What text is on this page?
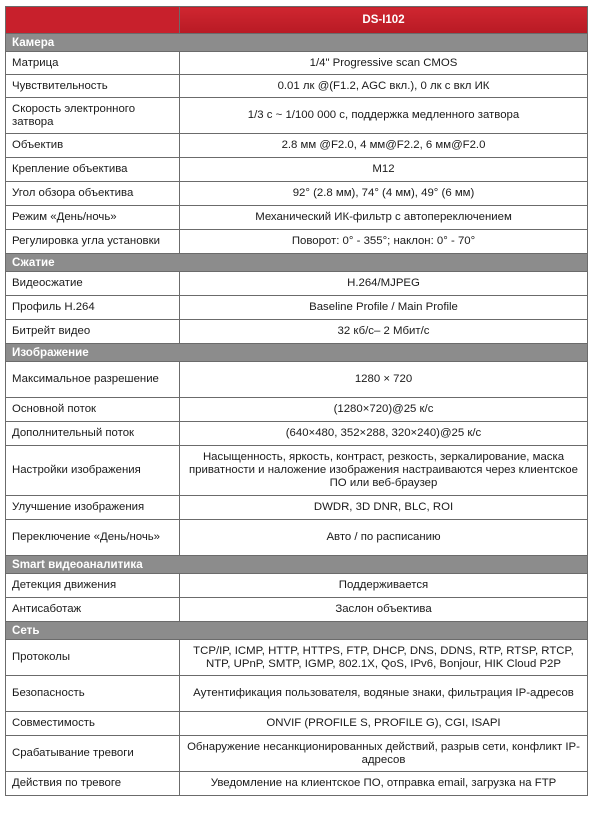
	DS-I102
Камера	
Матрица	1/4" Progressive scan CMOS
Чувствительность	0.01 лк @(F1.2, AGC вкл.), 0 лк с вкл ИК
Скорость электронного затвора	1/3 с ~ 1/100 000 с, поддержка медленного затвора
Объектив	2.8 мм @F2.0, 4 мм@F2.2, 6 мм@F2.0
Крепление объектива	M12
Угол обзора объектива	92° (2.8 мм), 74° (4 мм), 49° (6 мм)
Режим «День/ночь»	Механический ИК-фильтр с автопереключением
Регулировка угла установки	Поворот: 0° - 355°; наклон: 0° - 70°
Сжатие	
Видеосжатие	H.264/MJPEG
Профиль H.264	Baseline Profile / Main Profile
Битрейт видео	32 кб/с– 2 Мбит/с
Изображение	
Максимальное разрешение	1280 × 720
Основной поток	(1280×720)@25 к/с
Дополнительный поток	(640×480, 352×288, 320×240)@25 к/с
Настройки изображения	Насыщенность, яркость, контраст, резкость, зеркалирование, маска приватности и наложение изображения настраиваются через клиентское ПО или веб-браузер
Улучшение изображения	DWDR, 3D DNR, BLC, ROI
Переключение «День/ночь»	Авто / по расписанию
Smart видеоаналитика	
Детекция движения	Поддерживается
Антисаботаж	Заслон объектива
Сеть	
Протоколы	TCP/IP, ICMP, HTTP, HTTPS, FTP, DHCP, DNS, DDNS, RTP, RTSP, RTCP, NTP, UPnP, SMTP, IGMP, 802.1X, QoS, IPv6, Bonjour, HIK Cloud P2P
Безопасность	Аутентификация пользователя, водяные знаки, фильтрация IP-адресов
Совместимость	ONVIF (PROFILE S, PROFILE G), CGI, ISAPI
Срабатывание тревоги	Обнаружение несанкционированных действий, разрыв сети, конфликт IP-адресов
Действия по тревоге	Уведомление на клиентское ПО, отправка email, загрузка на FTP
